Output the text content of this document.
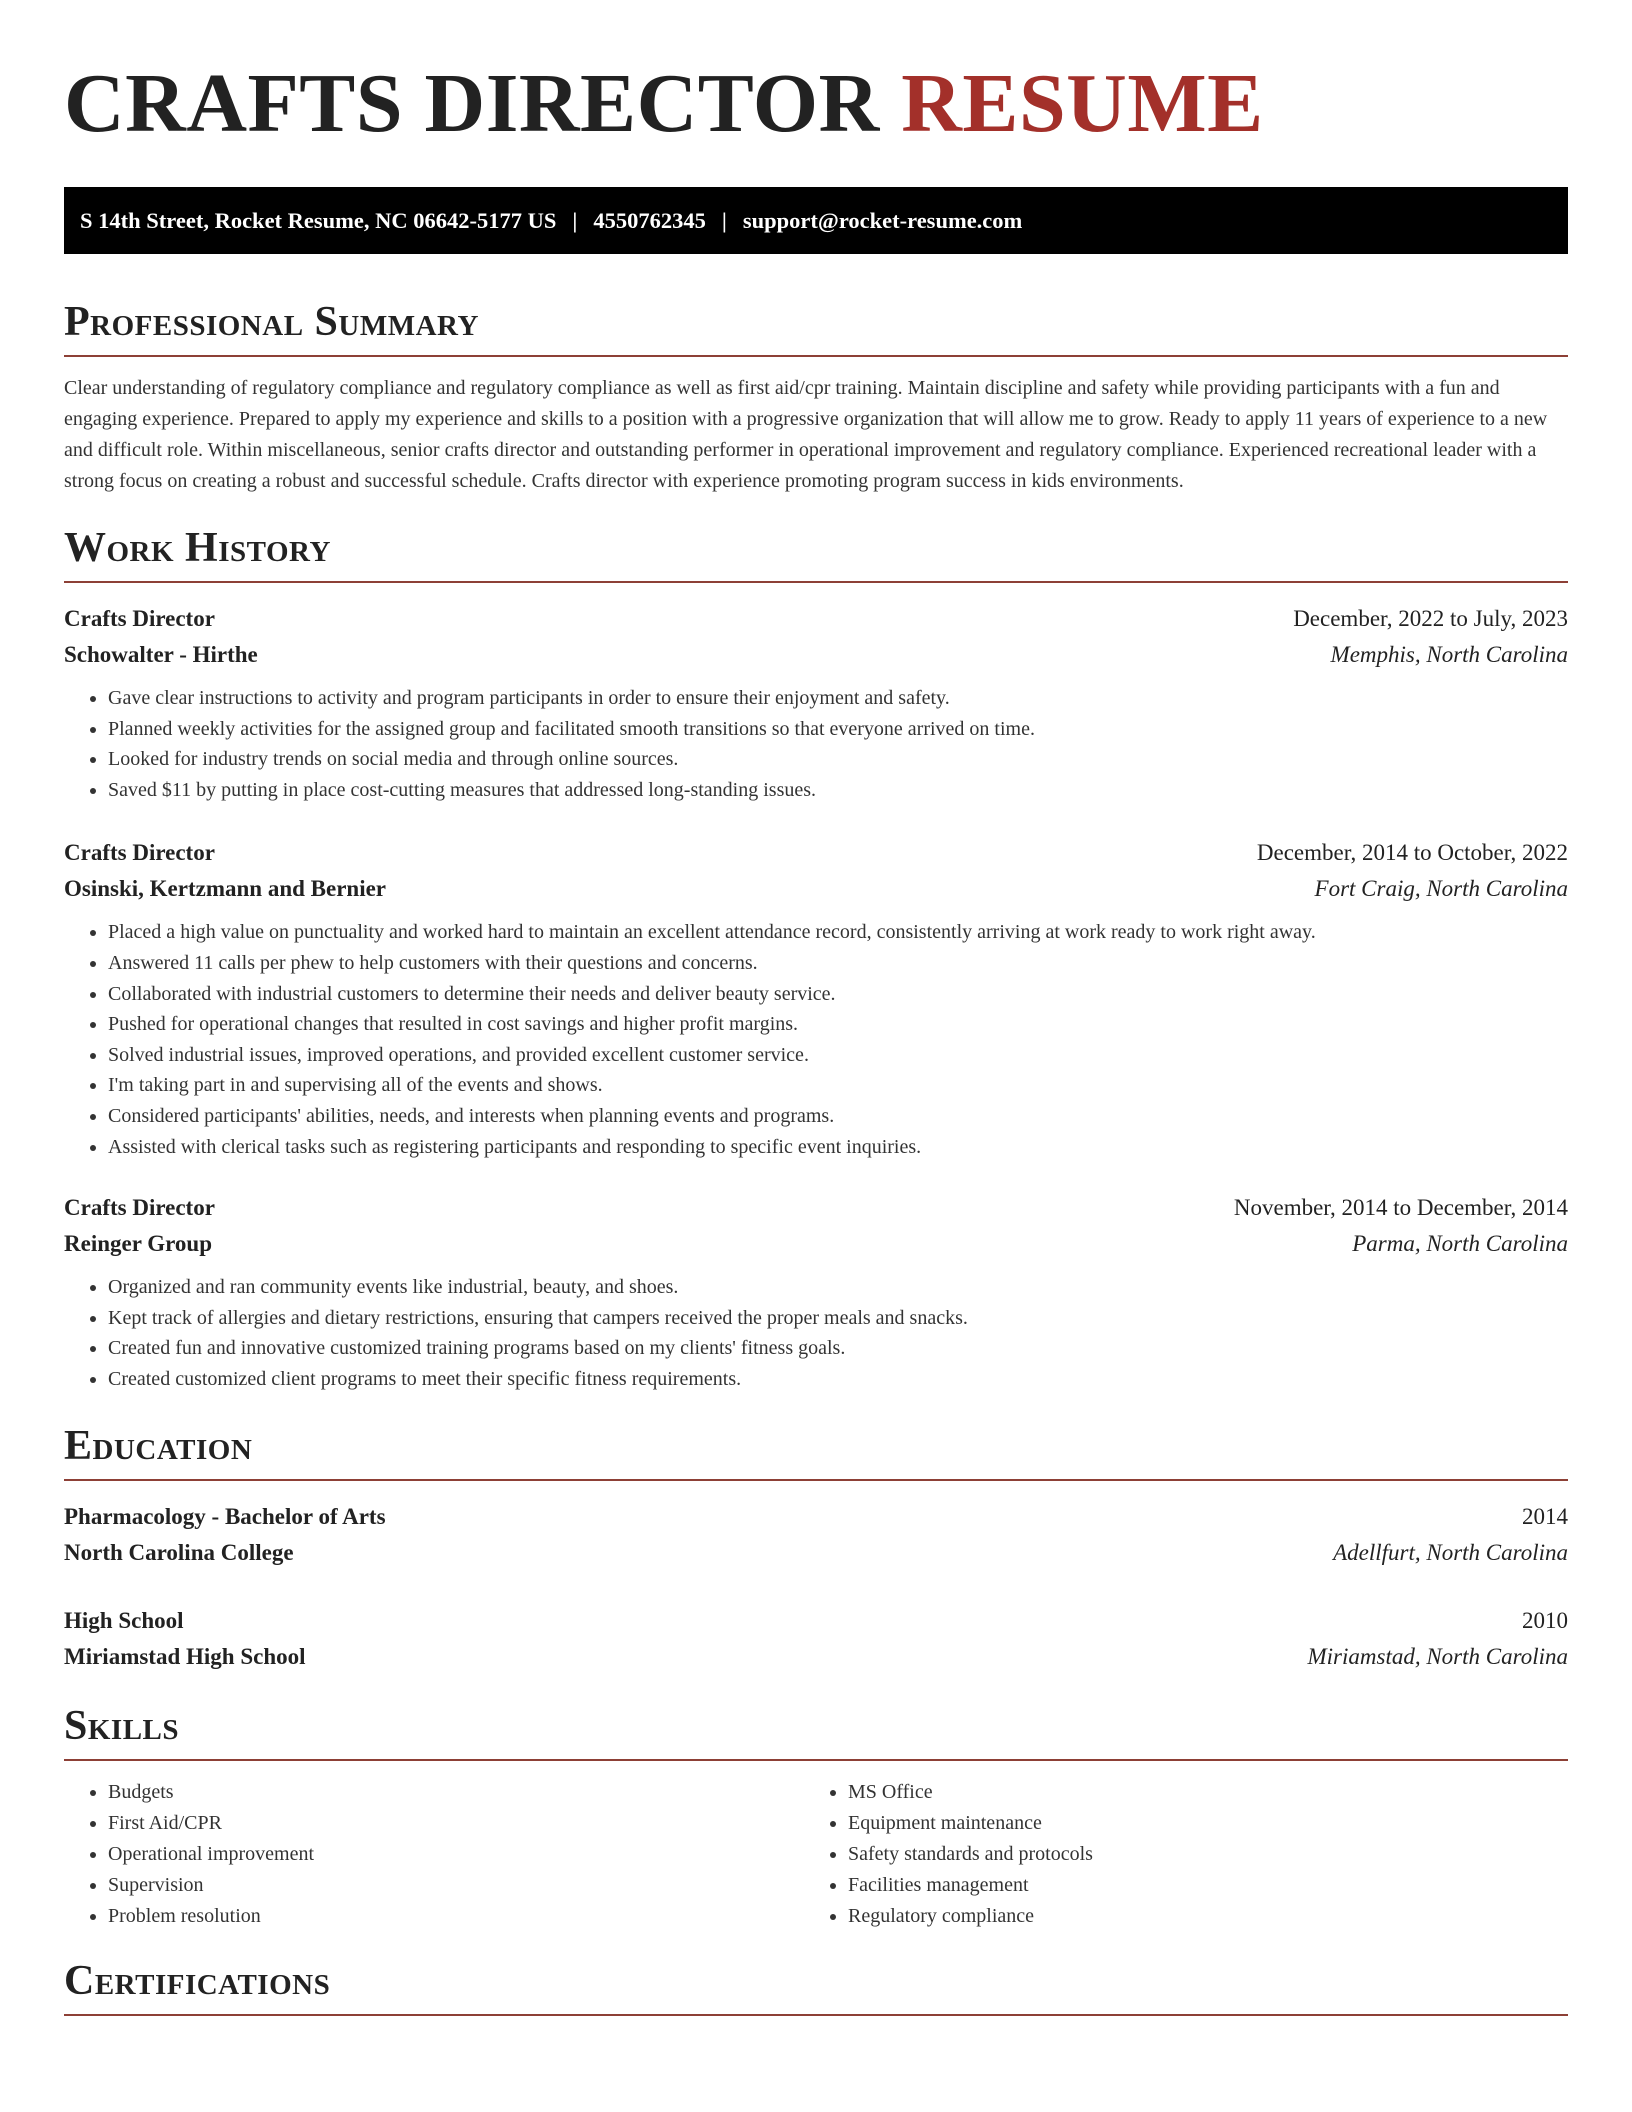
CRAFTS DIRECTOR RESUME
S 14th Street, Rocket Resume, NC 06642-5177 US | 4550762345 | support@rocket-resume.com
Professional Summary

Clear understanding of regulatory compliance and regulatory compliance as well as first aid/cpr training. Maintain discipline and safety while providing participants with a fun and engaging experience. Prepared to apply my experience and skills to a position with a progressive organization that will allow me to grow. Ready to apply 11 years of experience to a new and difficult role. Within miscellaneous, senior crafts director and outstanding performer in operational improvement and regulatory compliance. Experienced recreational leader with a strong focus on creating a robust and successful schedule. Crafts director with experience promoting program success in kids environments.

Work History
Crafts Director	December, 2022 to July, 2023
Schowalter - Hirthe	Memphis, North Carolina
• Gave clear instructions to activity and program participants in order to ensure their enjoyment and safety.
• Planned weekly activities for the assigned group and facilitated smooth transitions so that everyone arrived on time.
• Looked for industry trends on social media and through online sources.
• Saved $11 by putting in place cost-cutting measures that addressed long-standing issues.
Crafts Director	December, 2014 to October, 2022
Osinski, Kertzmann and Bernier	Fort Craig, North Carolina
• Placed a high value on punctuality and worked hard to maintain an excellent attendance record, consistently arriving at work ready to work right away.
• Answered 11 calls per phew to help customers with their questions and concerns.
• Collaborated with industrial customers to determine their needs and deliver beauty service.
• Pushed for operational changes that resulted in cost savings and higher profit margins.
• Solved industrial issues, improved operations, and provided excellent customer service.
• I'm taking part in and supervising all of the events and shows.
• Considered participants' abilities, needs, and interests when planning events and programs.
• Assisted with clerical tasks such as registering participants and responding to specific event inquiries.
Crafts Director	November, 2014 to December, 2014
Reinger Group	Parma, North Carolina
• Organized and ran community events like industrial, beauty, and shoes.
• Kept track of allergies and dietary restrictions, ensuring that campers received the proper meals and snacks.
• Created fun and innovative customized training programs based on my clients' fitness goals.
• Created customized client programs to meet their specific fitness requirements.
Education
Pharmacology - Bachelor of Arts	2014
North Carolina College	Adellfurt, North Carolina
High School	2010
Miriamstad High School	Miriamstad, North Carolina
Skills
• Budgets
• First Aid/CPR
• Operational improvement
• Supervision
• Problem resolution
• MS Office
• Equipment maintenance
• Safety standards and protocols
• Facilities management
• Regulatory compliance
Certifications
